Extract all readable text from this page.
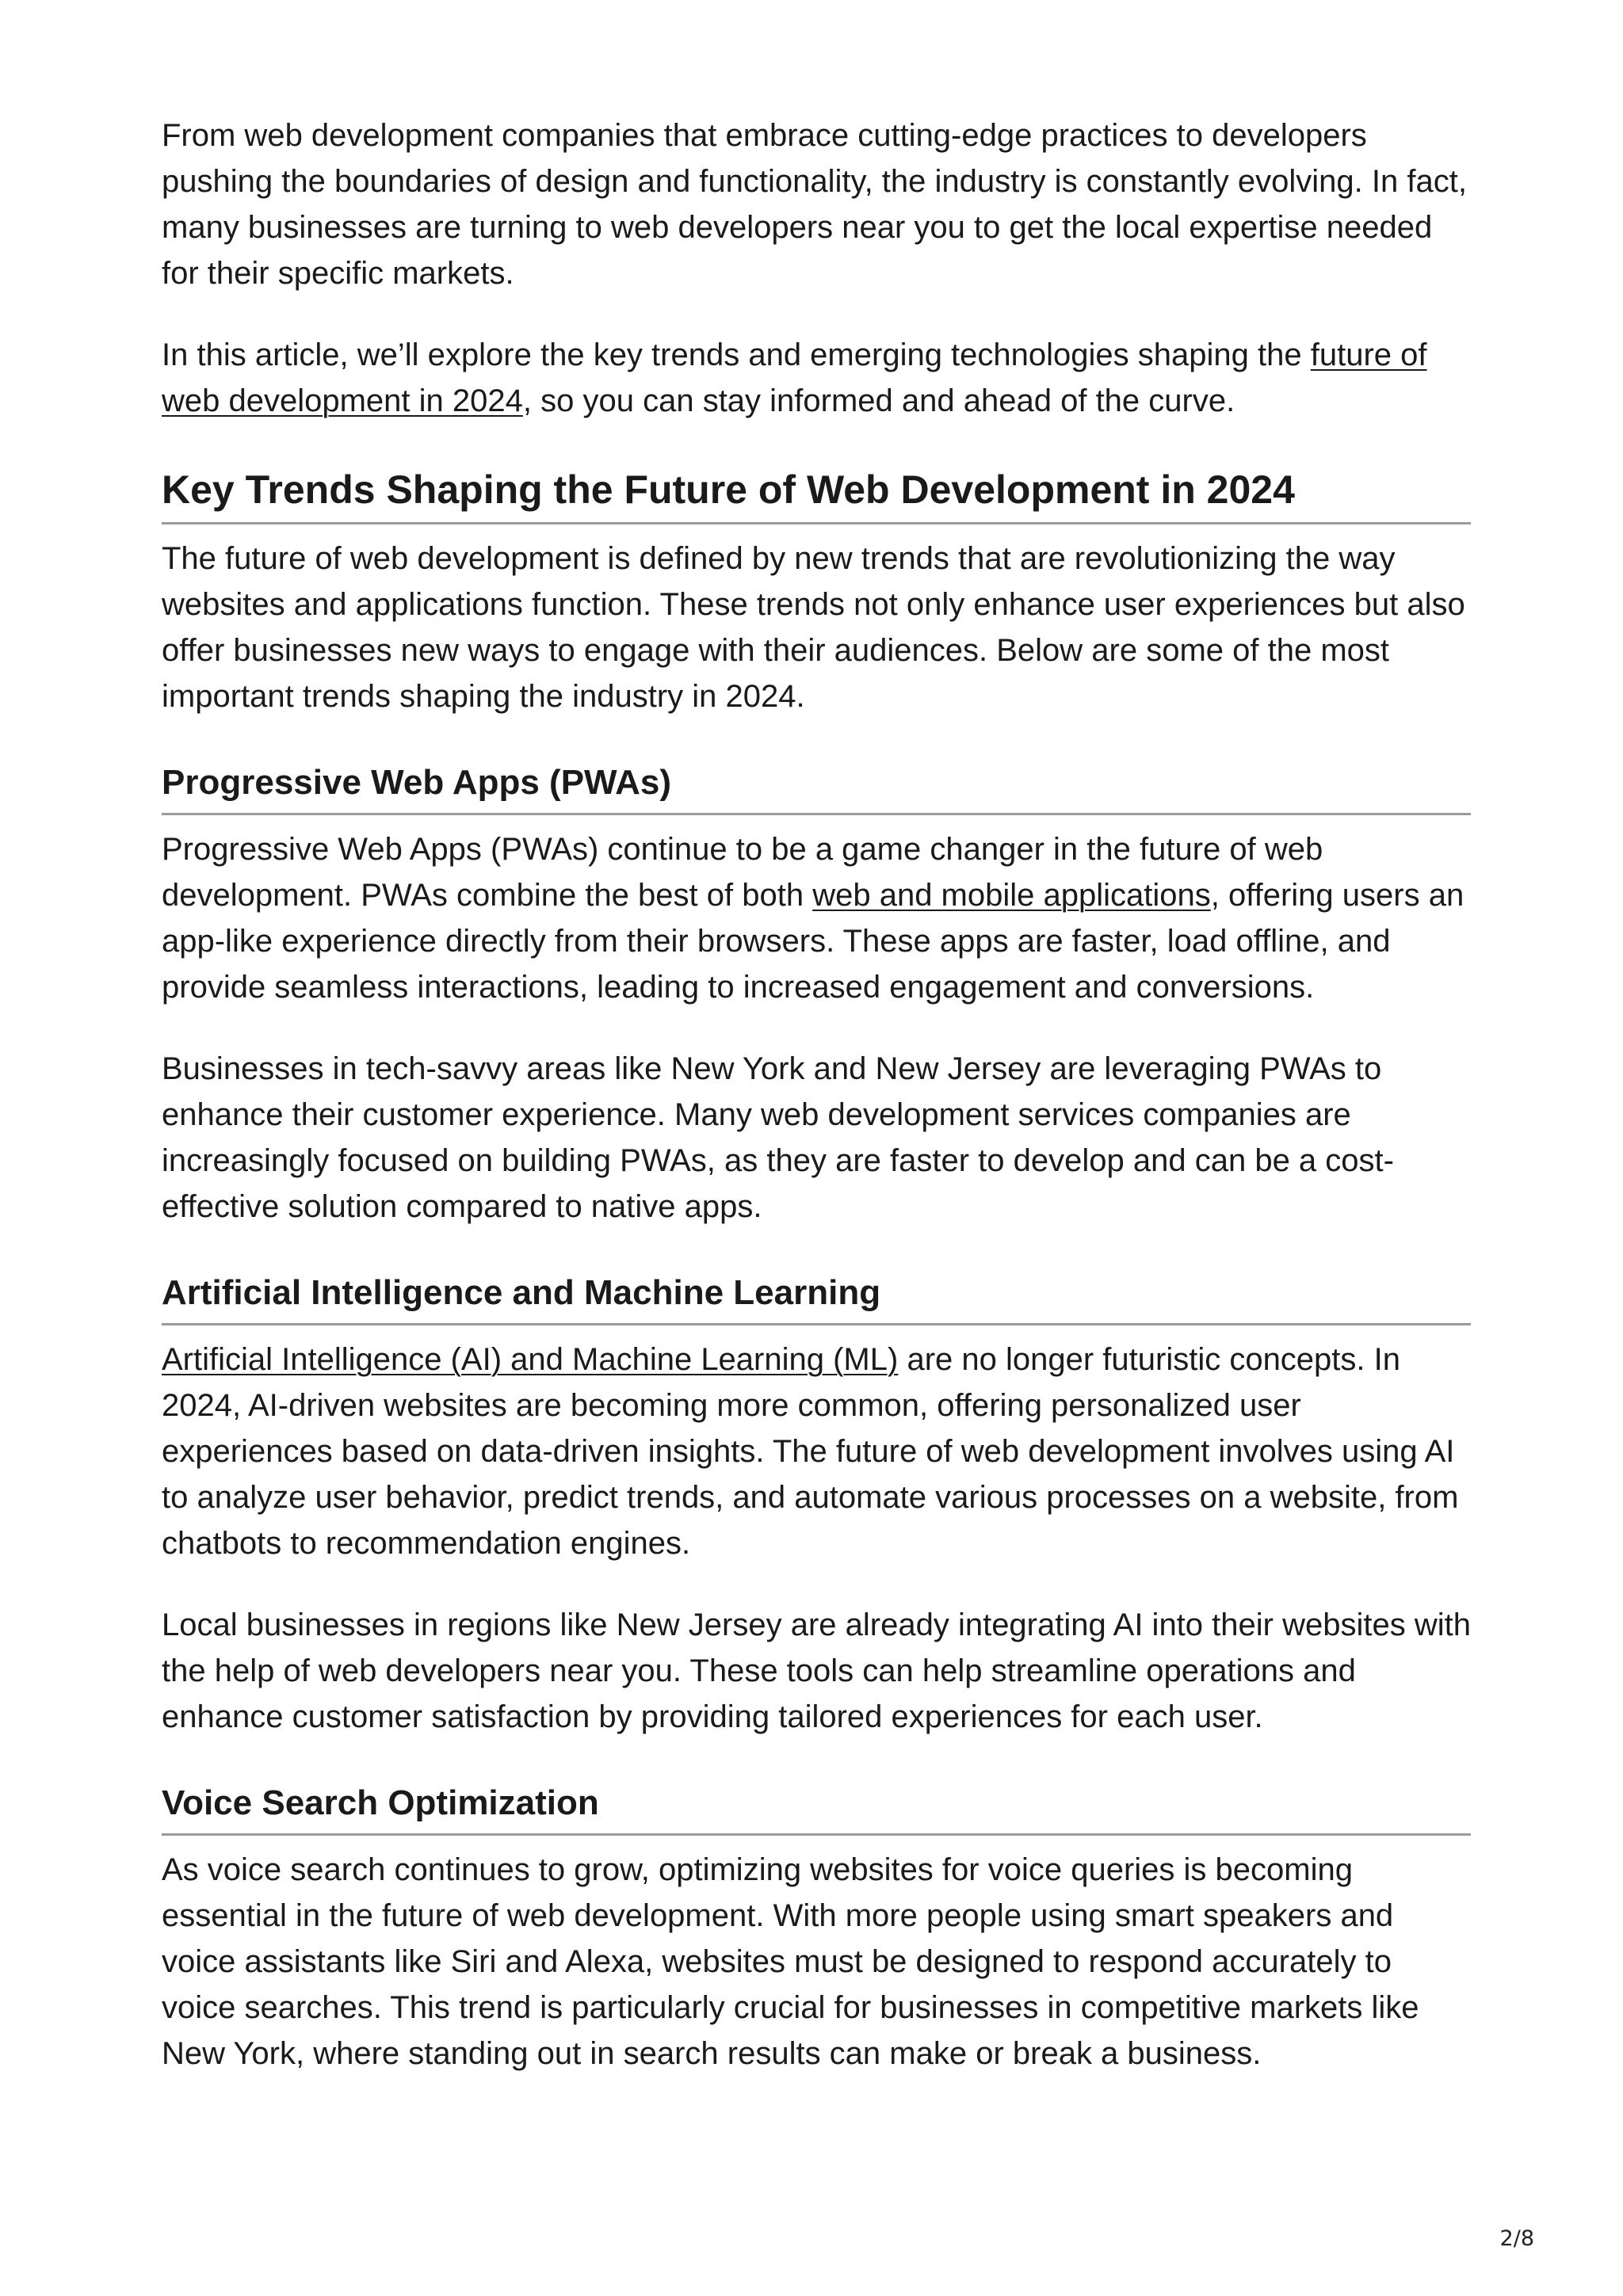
From web development companies that embrace cutting-edge practices to developers pushing the boundaries of design and functionality, the industry is constantly evolving. In fact, many businesses are turning to web developers near you to get the local expertise needed for their specific markets.

In this article, we’ll explore the key trends and emerging technologies shaping the future of web development in 2024, so you can stay informed and ahead of the curve.

Key Trends Shaping the Future of Web Development in 2024

The future of web development is defined by new trends that are revolutionizing the way websites and applications function. These trends not only enhance user experiences but also offer businesses new ways to engage with their audiences. Below are some of the most important trends shaping the industry in 2024.

Progressive Web Apps (PWAs)

Progressive Web Apps (PWAs) continue to be a game changer in the future of web development. PWAs combine the best of both web and mobile applications, offering users an app-like experience directly from their browsers. These apps are faster, load offline, and provide seamless interactions, leading to increased engagement and conversions.

Businesses in tech-savvy areas like New York and New Jersey are leveraging PWAs to enhance their customer experience. Many web development services companies are increasingly focused on building PWAs, as they are faster to develop and can be a cost-effective solution compared to native apps.

Artificial Intelligence and Machine Learning

Artificial Intelligence (AI) and Machine Learning (ML) are no longer futuristic concepts. In 2024, AI-driven websites are becoming more common, offering personalized user experiences based on data-driven insights. The future of web development involves using AI to analyze user behavior, predict trends, and automate various processes on a website, from chatbots to recommendation engines.

Local businesses in regions like New Jersey are already integrating AI into their websites with the help of web developers near you. These tools can help streamline operations and enhance customer satisfaction by providing tailored experiences for each user.

Voice Search Optimization

As voice search continues to grow, optimizing websites for voice queries is becoming essential in the future of web development. With more people using smart speakers and voice assistants like Siri and Alexa, websites must be designed to respond accurately to voice searches. This trend is particularly crucial for businesses in competitive markets like New York, where standing out in search results can make or break a business.

2/8
